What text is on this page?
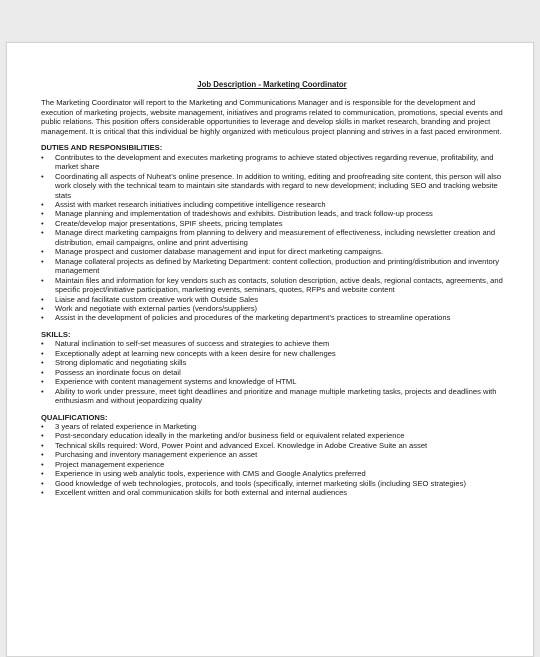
Job Description - Marketing Coordinator
The Marketing Coordinator will report to the Marketing and Communications Manager and is responsible for the development and execution of marketing projects, website management, initiatives and programs related to communication, promotions, special events and public relations. This position offers considerable opportunities to leverage and develop skills in market research, branding and project management. It is critical that this individual be highly organized with meticulous project planning and strives in a fast paced environment.
DUTIES AND RESPONSIBILITIES:
•	Contributes to the development and executes marketing programs to achieve stated objectives regarding revenue, profitability, and market share
•	Coordinating all aspects of Nuheat’s online presence. In addition to writing, editing and proofreading site content, this person will also work closely with the technical team to maintain site standards with regard to new development; including SEO and tracking website stats
•	Assist with market research initiatives including competitive intelligence research
•	Manage planning and implementation of tradeshows and exhibits. Distribution leads, and track follow-up process
•	Create/develop major presentations, SPIF sheets, pricing templates
•	Manage direct marketing campaigns from planning to delivery and measurement of effectiveness, including newsletter creation and distribution, email campaigns, online and print advertising
•	Manage prospect and customer database management and input for direct marketing campaigns.
•	Manage collateral projects as defined by Marketing Department: content collection, production and printing/distribution and inventory management
•	Maintain files and information for key vendors such as contacts, solution description, active deals, regional contacts, agreements, and specific project/initiative participation, marketing events, seminars, quotes, RFPs and website content
•	Liaise and facilitate custom creative work with Outside Sales
•	Work and negotiate with external parties (vendors/suppliers)
•	Assist in the development of policies and procedures of the marketing department’s practices to streamline operations
SKILLS:
•	Natural inclination to self-set measures of success and strategies to achieve them
•	Exceptionally adept at learning new concepts with a keen desire for new challenges
•	Strong diplomatic and negotiating skills
•	Possess an inordinate focus on detail
•	Experience with content management systems and knowledge of HTML
•	Ability to work under pressure, meet tight deadlines and prioritize and manage multiple marketing tasks, projects and deadlines with enthusiasm and without jeopardizing quality
QUALIFICATIONS:
•	3 years of related experience in Marketing
•	Post-secondary education ideally in the marketing and/or business field or equivalent related experience
•	Technical skills required: Word, Power Point and advanced Excel. Knowledge in Adobe Creative Suite an asset
•	Purchasing and inventory management experience an asset
•	Project management experience
•	Experience in using web analytic tools, experience with CMS and Google Analytics preferred
•	Good knowledge of web technologies, protocols, and tools (specifically, internet marketing skills (including SEO strategies)
•	Excellent written and oral communication skills for both external and internal audiences
